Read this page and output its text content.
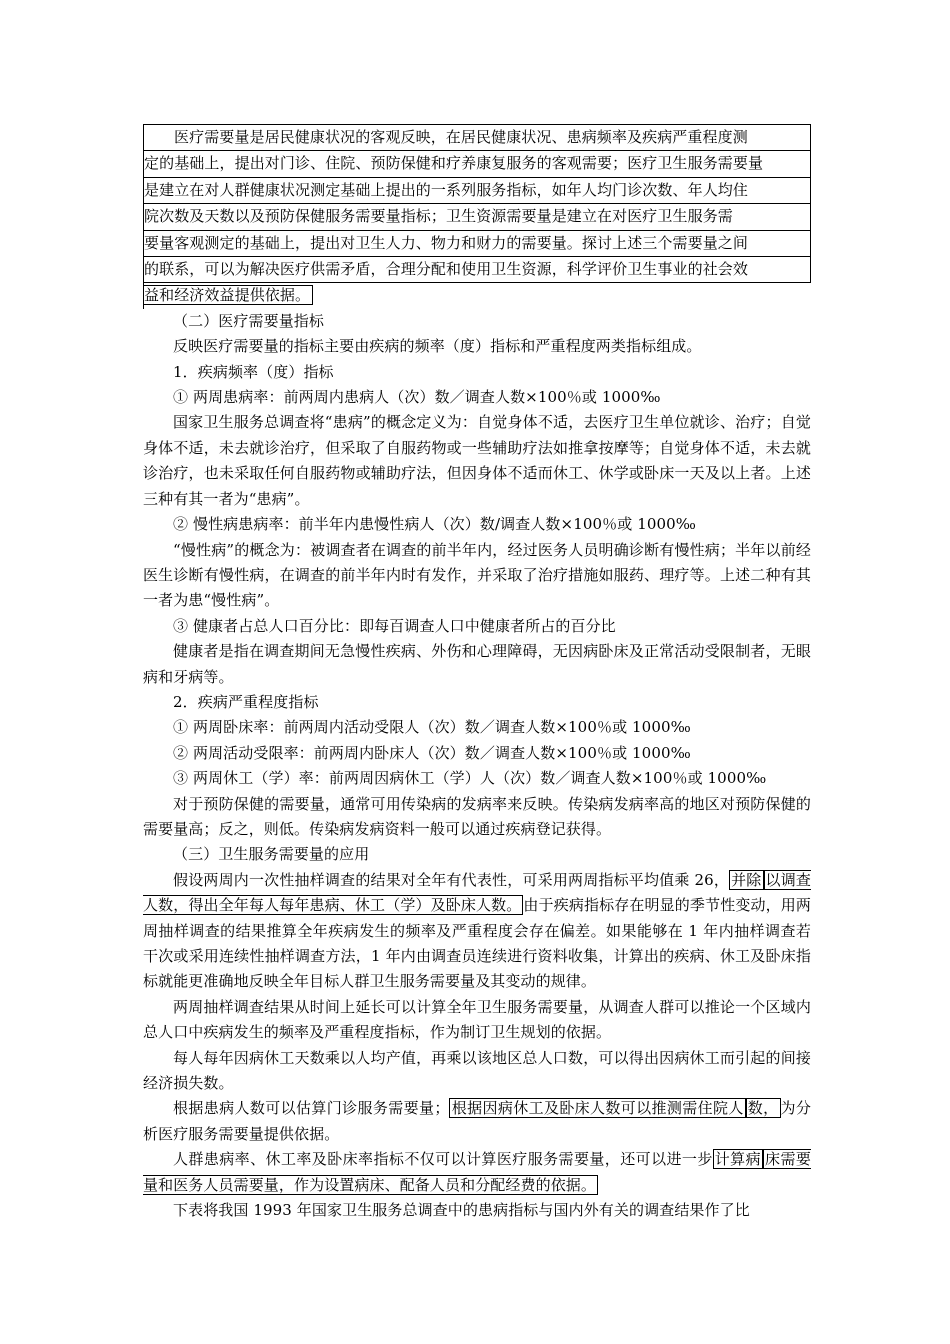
医疗需要量是居民健康状况的客观反映，在居民健康状况、患病频率及疾病严重程度测

定的基础上，提出对门诊、住院、预防保健和疗养康复服务的客观需要；医疗卫生服务需要量

是建立在对人群健康状况测定基础上提出的一系列服务指标，如年人均门诊次数、年人均住

院次数及天数以及预防保健服务需要量指标；卫生资源需要量是建立在对医疗卫生服务需

要量客观测定的基础上，提出对卫生人力、物力和财力的需要量。探讨上述三个需要量之间

的联系，可以为解决医疗供需矛盾，合理分配和使用卫生资源，科学评价卫生事业的社会效

益和经济效益提供依据。

（二）医疗需要量指标

反映医疗需要量的指标主要由疾病的频率（度）指标和严重程度两类指标组成。

1．疾病频率（度）指标

① 两周患病率：前两周内患病人（次）数／调查人数×100％或 1000‰

国家卫生服务总调查将“患病”的概念定义为：自觉身体不适，去医疗卫生单位就诊、治疗；自觉身体不适，未去就诊治疗，但采取了自服药物或一些辅助疗法如推拿按摩等；自觉身体不适，未去就诊治疗，也未采取任何自服药物或辅助疗法，但因身体不适而休工、休学或卧床一天及以上者。上述三种有其一者为“患病”。

② 慢性病患病率：前半年内患慢性病人（次）数/调查人数×100％或 1000‰

“慢性病”的概念为：被调查者在调查的前半年内，经过医务人员明确诊断有慢性病；半年以前经医生诊断有慢性病，在调查的前半年内时有发作，并采取了治疗措施如服药、理疗等。上述二种有其一者为患“慢性病”。

③ 健康者占总人口百分比：即每百调查人口中健康者所占的百分比

健康者是指在调查期间无急慢性疾病、外伤和心理障碍，无因病卧床及正常活动受限制者，无眼病和牙病等。

2．疾病严重程度指标

① 两周卧床率：前两周内活动受限人（次）数／调查人数×100％或 1000‰

② 两周活动受限率：前两周内卧床人（次）数／调查人数×100％或 1000‰

③ 两周休工（学）率：前两周因病休工（学）人（次）数／调查人数×100％或 1000‰

对于预防保健的需要量，通常可用传染病的发病率来反映。传染病发病率高的地区对预防保健的需要量高；反之，则低。传染病发病资料一般可以通过疾病登记获得。

（三）卫生服务需要量的应用

假设两周内一次性抽样调查的结果对全年有代表性，可采用两周指标平均值乘 26， 并除 以调查人数，得出全年每人每年患病、休工（学）及卧床人数。 由于疾病指标存在明显的季节性变动，用两周抽样调查的结果推算全年疾病发生的频率及严重程度会存在偏差。如果能够在 1 年内抽样调查若干次或采用连续性抽样调查方法，1 年内由调查员连续进行资料收集，计算出的疾病、休工及卧床指标就能更准确地反映全年目标人群卫生服务需要量及其变动的规律。

两周抽样调查结果从时间上延长可以计算全年卫生服务需要量，从调查人群可以推论一个区域内总人口中疾病发生的频率及严重程度指标，作为制订卫生规划的依据。

每人每年因病休工天数乘以人均产值，再乘以该地区总人口数，可以得出因病休工而引起的间接经济损失数。

根据患病人数可以估算门诊服务需要量； 根据因病休工及卧床人数可以推测需住院人 数， 为分析医疗服务需要量提供依据。

人群患病率、休工率及卧床率指标不仅可以计算医疗服务需要量，还可以进一步 计算病 床需要量和医务人员需要量，作为设置病床、配备人员和分配经费的依据。

下表将我国 1993 年国家卫生服务总调查中的患病指标与国内外有关的调查结果作了比
